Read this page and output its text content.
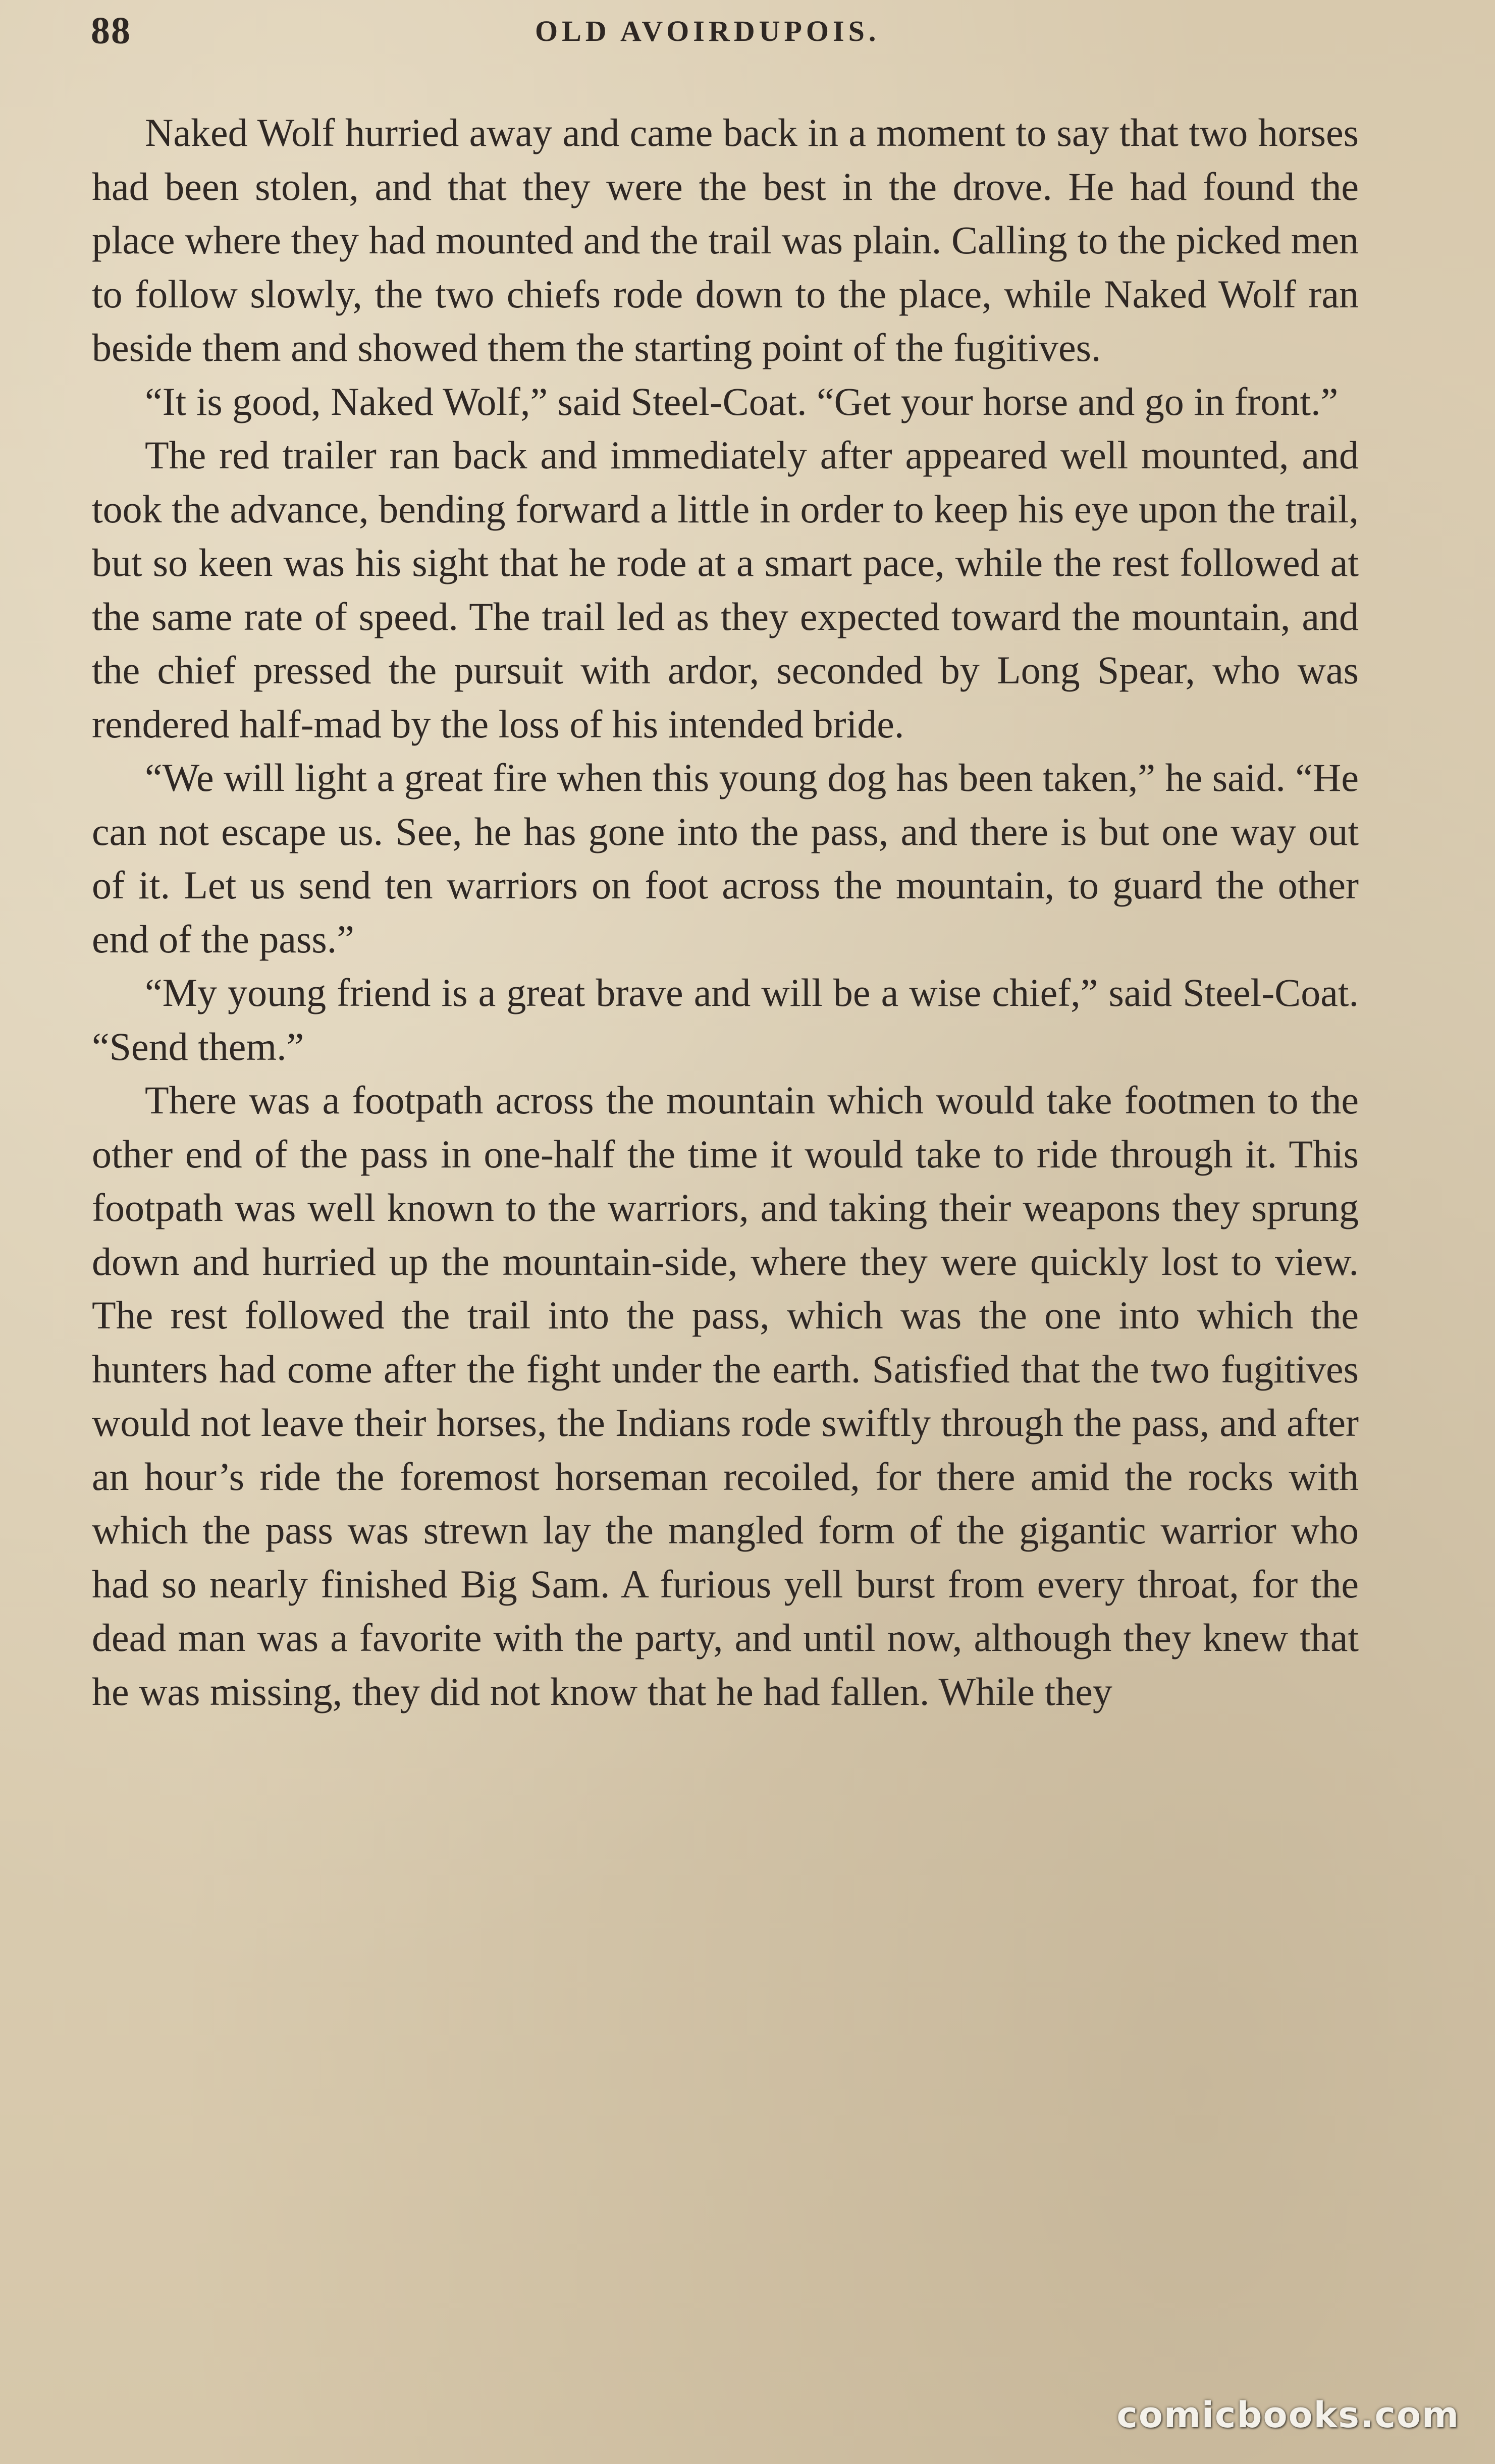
88	OLD AVOIRDUPOIS.

Naked Wolf hurried away and came back in a moment to say that two horses had been stolen, and that they were the best in the drove. He had found the place where they had mounted and the trail was plain. Calling to the picked men to follow slowly, the two chiefs rode down to the place, while Naked Wolf ran beside them and showed them the starting point of the fugitives.

“It is good, Naked Wolf,” said Steel-Coat. “Get your horse and go in front.”

The red trailer ran back and immediately after appeared well mounted, and took the advance, bending forward a little in order to keep his eye upon the trail, but so keen was his sight that he rode at a smart pace, while the rest followed at the same rate of speed. The trail led as they expected toward the mountain, and the chief pressed the pursuit with ardor, seconded by Long Spear, who was rendered half-mad by the loss of his intended bride.

“We will light a great fire when this young dog has been taken,” he said. “He can not escape us. See, he has gone into the pass, and there is but one way out of it. Let us send ten warriors on foot across the mountain, to guard the other end of the pass.”

“My young friend is a great brave and will be a wise chief,” said Steel-Coat. “Send them.”

There was a footpath across the mountain which would take footmen to the other end of the pass in one-half the time it would take to ride through it. This footpath was well known to the warriors, and taking their weapons they sprung down and hurried up the mountain-side, where they were quickly lost to view. The rest followed the trail into the pass, which was the one into which the hunters had come after the fight under the earth. Satisfied that the two fugitives would not leave their horses, the Indians rode swiftly through the pass, and after an hour’s ride the foremost horseman recoiled, for there amid the rocks with which the pass was strewn lay the mangled form of the gigantic warrior who had so nearly finished Big Sam. A furious yell burst from every throat, for the dead man was a favorite with the party, and until now, although they knew that he was missing, they did not know that he had fallen. While they

comicbooks.com
